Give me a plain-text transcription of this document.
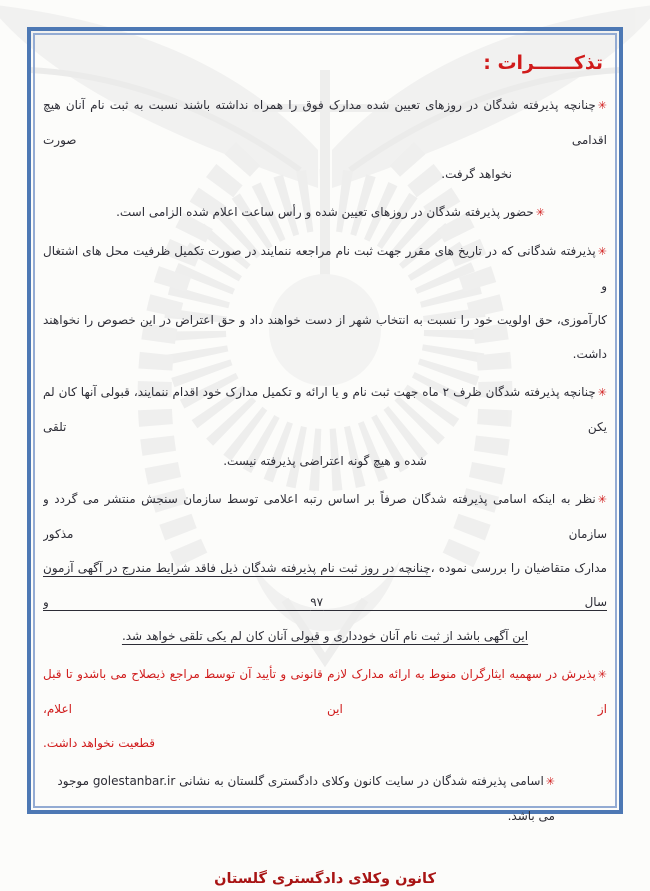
تذکــــــرات :
✳چنانچه پذیرفته شدگان در روزهای تعیین شده مدارک فوق را همراه نداشته باشند نسبت به ثبت نام آنان هیچ اقدامی صورت
نخواهد گرفت.
✳حضور پذیرفته شدگان در روزهای تعیین شده و رأس ساعت اعلام شده الزامی است.
✳پذیرفته شدگانی که در تاریخ های مقرر جهت ثبت نام مراجعه ننمایند در صورت تکمیل ظرفیت محل های اشتغال و
کارآموزی، حق اولویت خود را نسبت به انتخاب شهر از دست خواهند داد و حق اعتراض در این خصوص را نخواهند داشت.
✳چنانچه پذیرفته شدگان ظرف ۲ ماه جهت ثبت نام و یا ارائه و تکمیل مدارک خود اقدام ننمایند، قبولی آنها کان لم یکن تلقی
شده و هیچ گونه اعتراضی پذیرفته نیست.
✳نظر به اینکه اسامی پذیرفته شدگان صرفاً بر اساس رتبه اعلامی توسط سازمان سنجش منتشر می گردد و سازمان مذکور
مدارک متقاضیان را بررسی نموده ،چنانچه در روز ثبت نام پذیرفته شدگان ذیل فاقد شرایط مندرج در آگهی آزمون سال ۹۷ و
این آگهی باشد از ثبت نام آنان خودداری و قبولی آنان کان لم یکی تلقی خواهد شد.
✳پذیرش در سهمیه ایثارگران منوط به ارائه مدارک لازم قانونی و تأیید آن توسط مراجع ذیصلاح می باشدو تا قبل از این اعلام،
قطعیت نخواهد داشت.
✳اسامی پذیرفته شدگان در سایت کانون وکلای دادگستری گلستان به نشانی golestanbar.ir موجود می باشد.
کانون وکلای دادگستری گلستان
